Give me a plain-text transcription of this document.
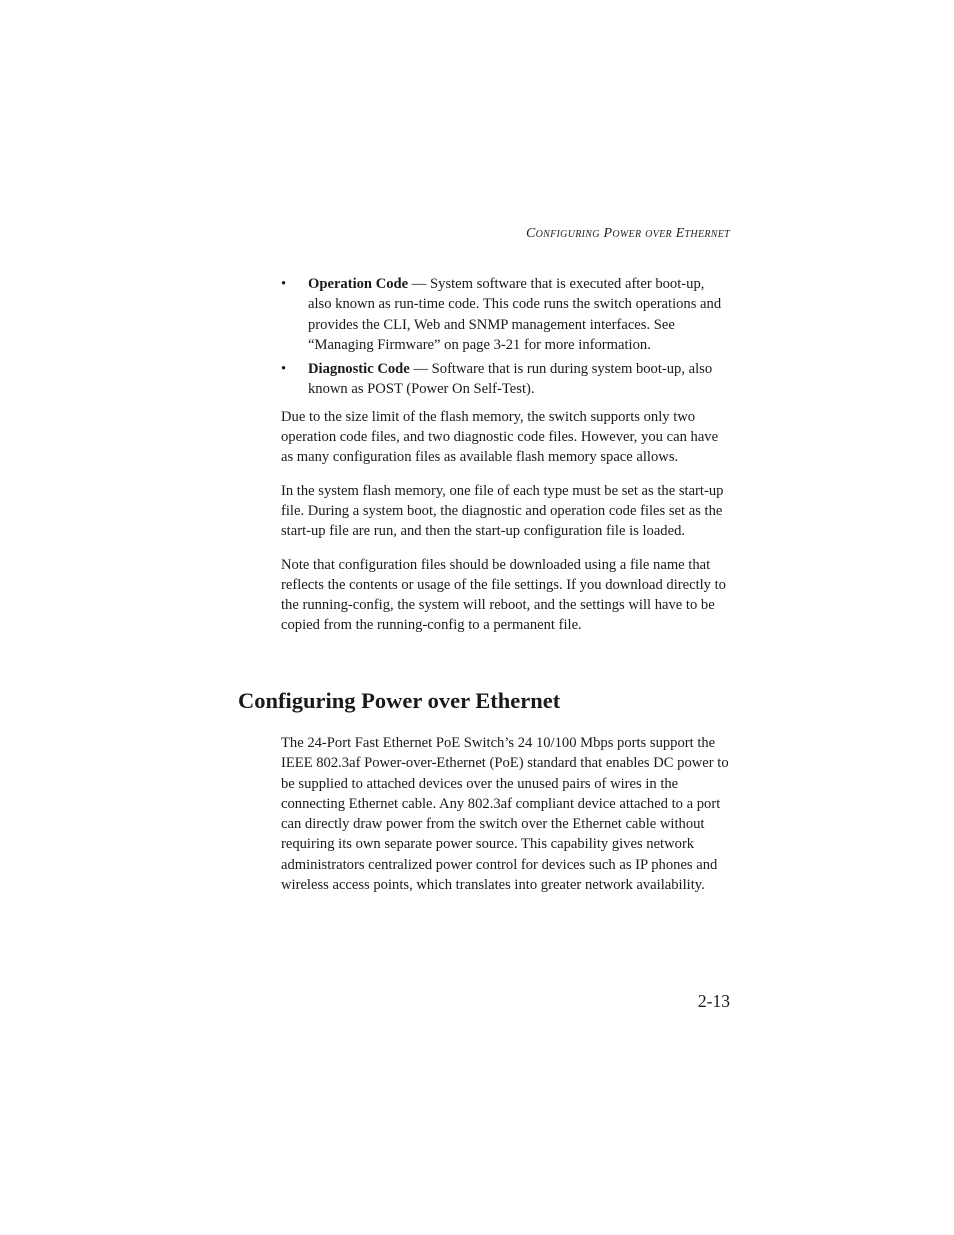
Configuring Power over Ethernet
• Operation Code — System software that is executed after boot-up, also known as run-time code. This code runs the switch operations and provides the CLI, Web and SNMP management interfaces. See “Managing Firmware” on page 3-21 for more information.
• Diagnostic Code — Software that is run during system boot-up, also known as POST (Power On Self-Test).

Due to the size limit of the flash memory, the switch supports only two operation code files, and two diagnostic code files. However, you can have as many configuration files as available flash memory space allows.

In the system flash memory, one file of each type must be set as the start-up file. During a system boot, the diagnostic and operation code files set as the start-up file are run, and then the start-up configuration file is loaded.

Note that configuration files should be downloaded using a file name that reflects the contents or usage of the file settings. If you download directly to the running-config, the system will reboot, and the settings will have to be copied from the running-config to a permanent file.

Configuring Power over Ethernet

The 24-Port Fast Ethernet PoE Switch’s 24 10/100 Mbps ports support the IEEE 802.3af Power-over-Ethernet (PoE) standard that enables DC power to be supplied to attached devices over the unused pairs of wires in the connecting Ethernet cable. Any 802.3af compliant device attached to a port can directly draw power from the switch over the Ethernet cable without requiring its own separate power source. This capability gives network administrators centralized power control for devices such as IP phones and wireless access points, which translates into greater network availability.

2-13
